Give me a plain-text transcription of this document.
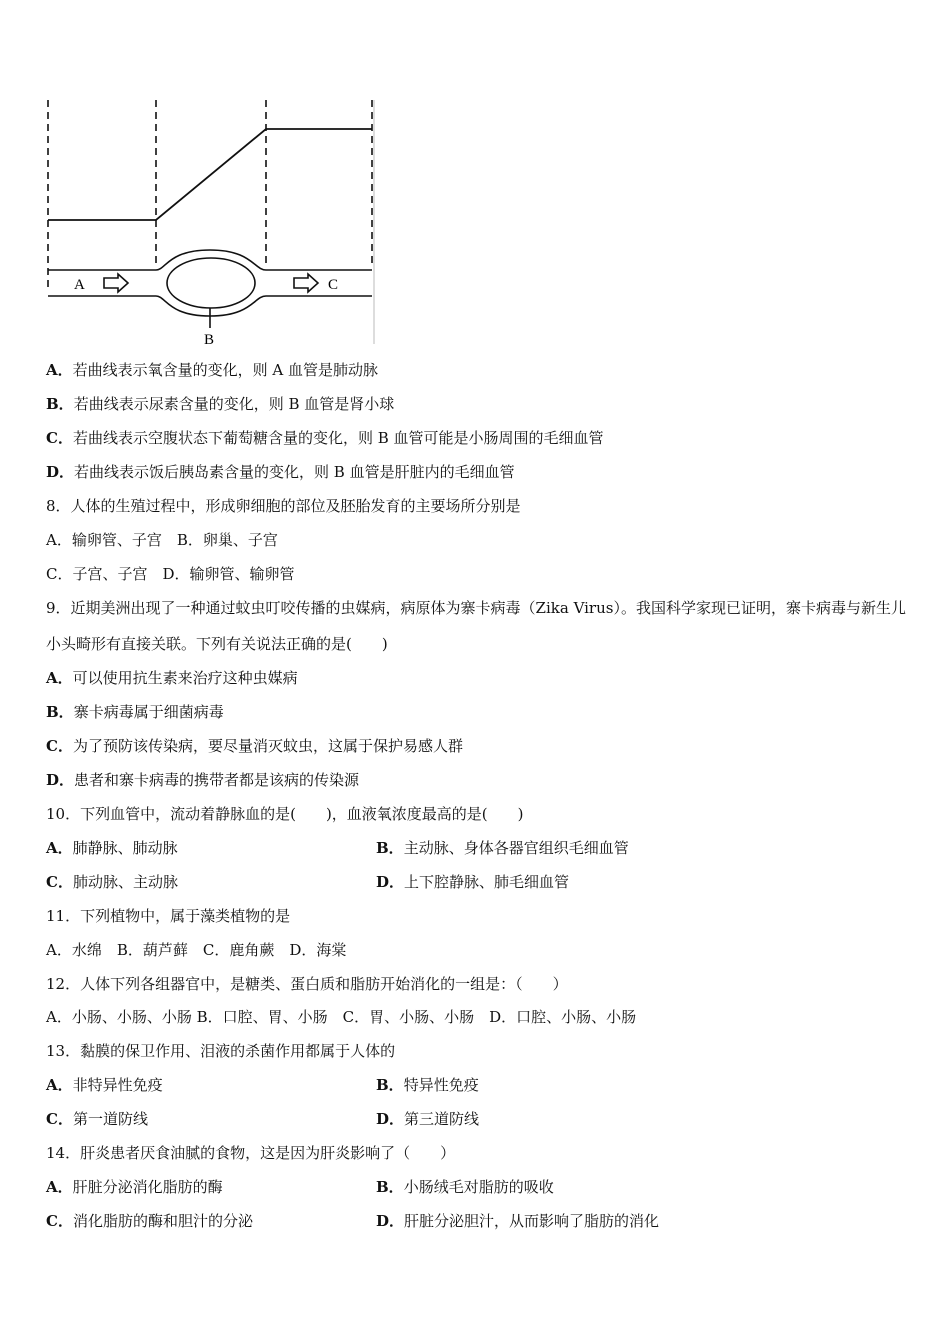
A
B
C
A．若曲线表示氧含量的变化，则 A 血管是肺动脉
B．若曲线表示尿素含量的变化，则 B 血管是肾小球
C．若曲线表示空腹状态下葡萄糖含量的变化，则 B 血管可能是小肠周围的毛细血管
D．若曲线表示饭后胰岛素含量的变化，则 B 血管是肝脏内的毛细血管
8．人体的生殖过程中，形成卵细胞的部位及胚胎发育的主要场所分别是
A．输卵管、子宫　B．卵巢、子宫
C．子宫、子宫　D．输卵管、输卵管
9．近期美洲出现了一种通过蚊虫叮咬传播的虫媒病，病原体为寨卡病毒（Zika Virus）。我国科学家现已证明，寨卡病毒与新生儿小头畸形有直接关联。下列有关说法正确的是(　　)
A．可以使用抗生素来治疗这种虫媒病
B．寨卡病毒属于细菌病毒
C．为了预防该传染病，要尽量消灭蚊虫，这属于保护易感人群
D．患者和寨卡病毒的携带者都是该病的传染源
10．下列血管中，流动着静脉血的是(　　)，血液氧浓度最高的是(　　)
A．肺静脉、肺动脉	B．主动脉、身体各器官组织毛细血管
C．肺动脉、主动脉	D．上下腔静脉、肺毛细血管
11．下列植物中，属于藻类植物的是
A．水绵　B．葫芦藓　C．鹿角蕨　D．海棠
12．人体下列各组器官中，是糖类、蛋白质和脂肪开始消化的一组是：（　　）
A．小肠、小肠、小肠 B．口腔、胃、小肠　C．胃、小肠、小肠　D．口腔、小肠、小肠
13．黏膜的保卫作用、泪液的杀菌作用都属于人体的
A．非特异性免疫	B．特异性免疫
C．第一道防线	D．第三道防线
14．肝炎患者厌食油腻的食物，这是因为肝炎影响了（　　）
A．肝脏分泌消化脂肪的酶	B．小肠绒毛对脂肪的吸收
C．消化脂肪的酶和胆汁的分泌	D．肝脏分泌胆汁，从而影响了脂肪的消化
